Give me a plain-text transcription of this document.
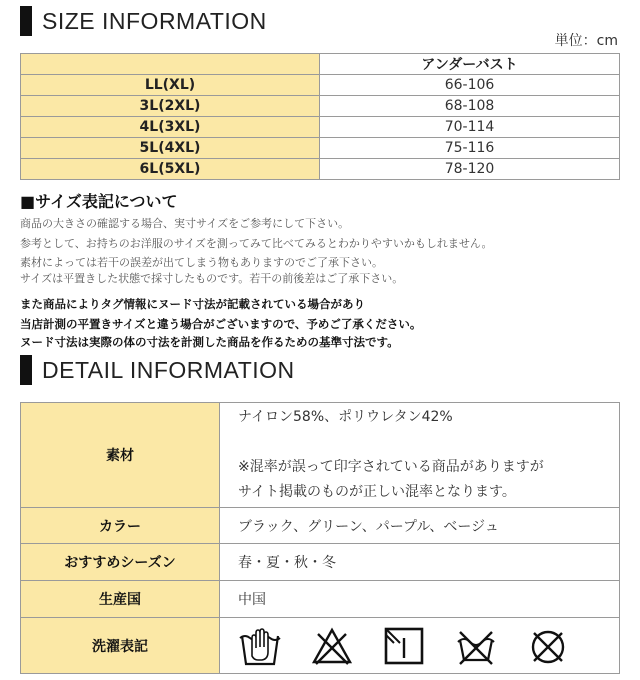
SIZE INFORMATION
単位：cm
	アンダーバスト
LL(XL)	66-106
3L(2XL)	68-108
4L(3XL)	70-114
5L(4XL)	75-116
6L(5XL)	78-120
■サイズ表記について
商品の大きさの確認する場合、実寸サイズをご参考にして下さい。
参考として、お持ちのお洋服のサイズを測ってみて比べてみるとわかりやすいかもしれません。
素材によっては若干の誤差が出てしまう物もありますのでご了承下さい。
サイズは平置きした状態で採寸したものです。若干の前後差はご了承下さい。
また商品によりタグ情報にヌード寸法が記載されている場合があり
当店計測の平置きサイズと違う場合がございますので、予めご了承ください。
ヌード寸法は実際の体の寸法を計測した商品を作るための基準寸法です。
DETAIL INFORMATION
素材	ナイロン58%、ポリウレタン42%
※混率が誤って印字されている商品がありますが
サイト掲載のものが正しい混率となります。

カラー	ブラック、グリーン、パープル、ベージュ
おすすめシーズン	春・夏・秋・冬
生産国	中国
洗濯表記	
